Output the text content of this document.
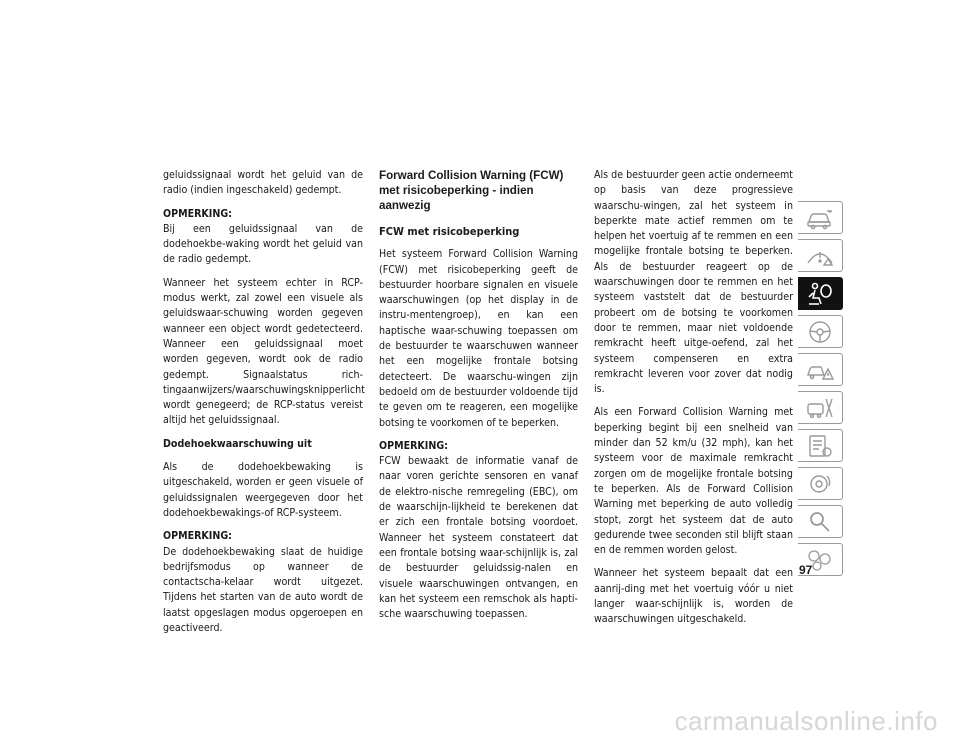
geluidssignaal wordt het geluid van de radio (indien ingeschakeld) gedempt.

OPMERKING:
Bij een geluidssignaal van de dodehoekbe-waking wordt het geluid van de radio gedempt.

Wanneer het systeem echter in RCP-modus werkt, zal zowel een visuele als geluidswaar-schuwing worden gegeven wanneer een object wordt gedetecteerd. Wanneer een geluidssignaal moet worden gegeven, wordt ook de radio gedempt. Signaalstatus rich-tingaanwijzers/waarschuwingsknipperlicht wordt genegeerd; de RCP-status vereist altijd het geluidssignaal.

Dodehoekwaarschuwing uit

Als de dodehoekbewaking is uitgeschakeld, worden er geen visuele of geluidssignalen weergegeven door het dodehoekbewakings-of RCP-systeem.

OPMERKING:
De dodehoekbewaking slaat de huidige bedrijfsmodus op wanneer de contactscha-kelaar wordt uitgezet. Tijdens het starten van de auto wordt de laatst opgeslagen modus opgeroepen en geactiveerd.
Forward Collision Warning (FCW) met risicobeperking - indien aanwezig
FCW met risicobeperking

Het systeem Forward Collision Warning (FCW) met risicobeperking geeft de bestuurder hoorbare signalen en visuele waarschuwingen (op het display in de instru-mentengroep), en kan een haptische waar-schuwing toepassen om de bestuurder te waarschuwen wanneer het een mogelijke frontale botsing detecteert. De waarschu-wingen zijn bedoeld om de bestuurder voldoende tijd te geven om te reageren, een mogelijke botsing te voorkomen of te beperken.

OPMERKING:
FCW bewaakt de informatie vanaf de naar voren gerichte sensoren en vanaf de elektro-nische remregeling (EBC), om de waarschijn-lijkheid te berekenen dat er zich een frontale botsing voordoet. Wanneer het systeem constateert dat een frontale botsing waar-schijnlijk is, zal de bestuurder geluidssig-nalen en visuele waarschuwingen ontvangen, en kan het systeem een remschok als hapti-sche waarschuwing toepassen.

Als de bestuurder geen actie onderneemt op basis van deze progressieve waarschu-wingen, zal het systeem in beperkte mate actief remmen om te helpen het voertuig af te remmen en een mogelijke frontale botsing te beperken. Als de bestuurder reageert op de waarschuwingen door te remmen en het systeem vaststelt dat de bestuurder probeert om de botsing te voorkomen door te remmen, maar niet voldoende remkracht heeft uitge-oefend, zal het systeem compenseren en extra remkracht leveren voor zover dat nodig is.

Als een Forward Collision Warning met beperking begint bij een snelheid van minder dan 52 km/u (32 mph), kan het systeem voor de maximale remkracht zorgen om de mogelijke frontale botsing te beperken. Als de Forward Collision Warning met beperking de auto volledig stopt, zorgt het systeem dat de auto gedurende twee seconden stil blijft staan en de remmen worden gelost.

Wanneer het systeem bepaalt dat een aanrij-ding met het voertuig vóór u niet langer waar-schijnlijk is, worden de waarschuwingen uitgeschakeld.

97
carmanualsonline.info
